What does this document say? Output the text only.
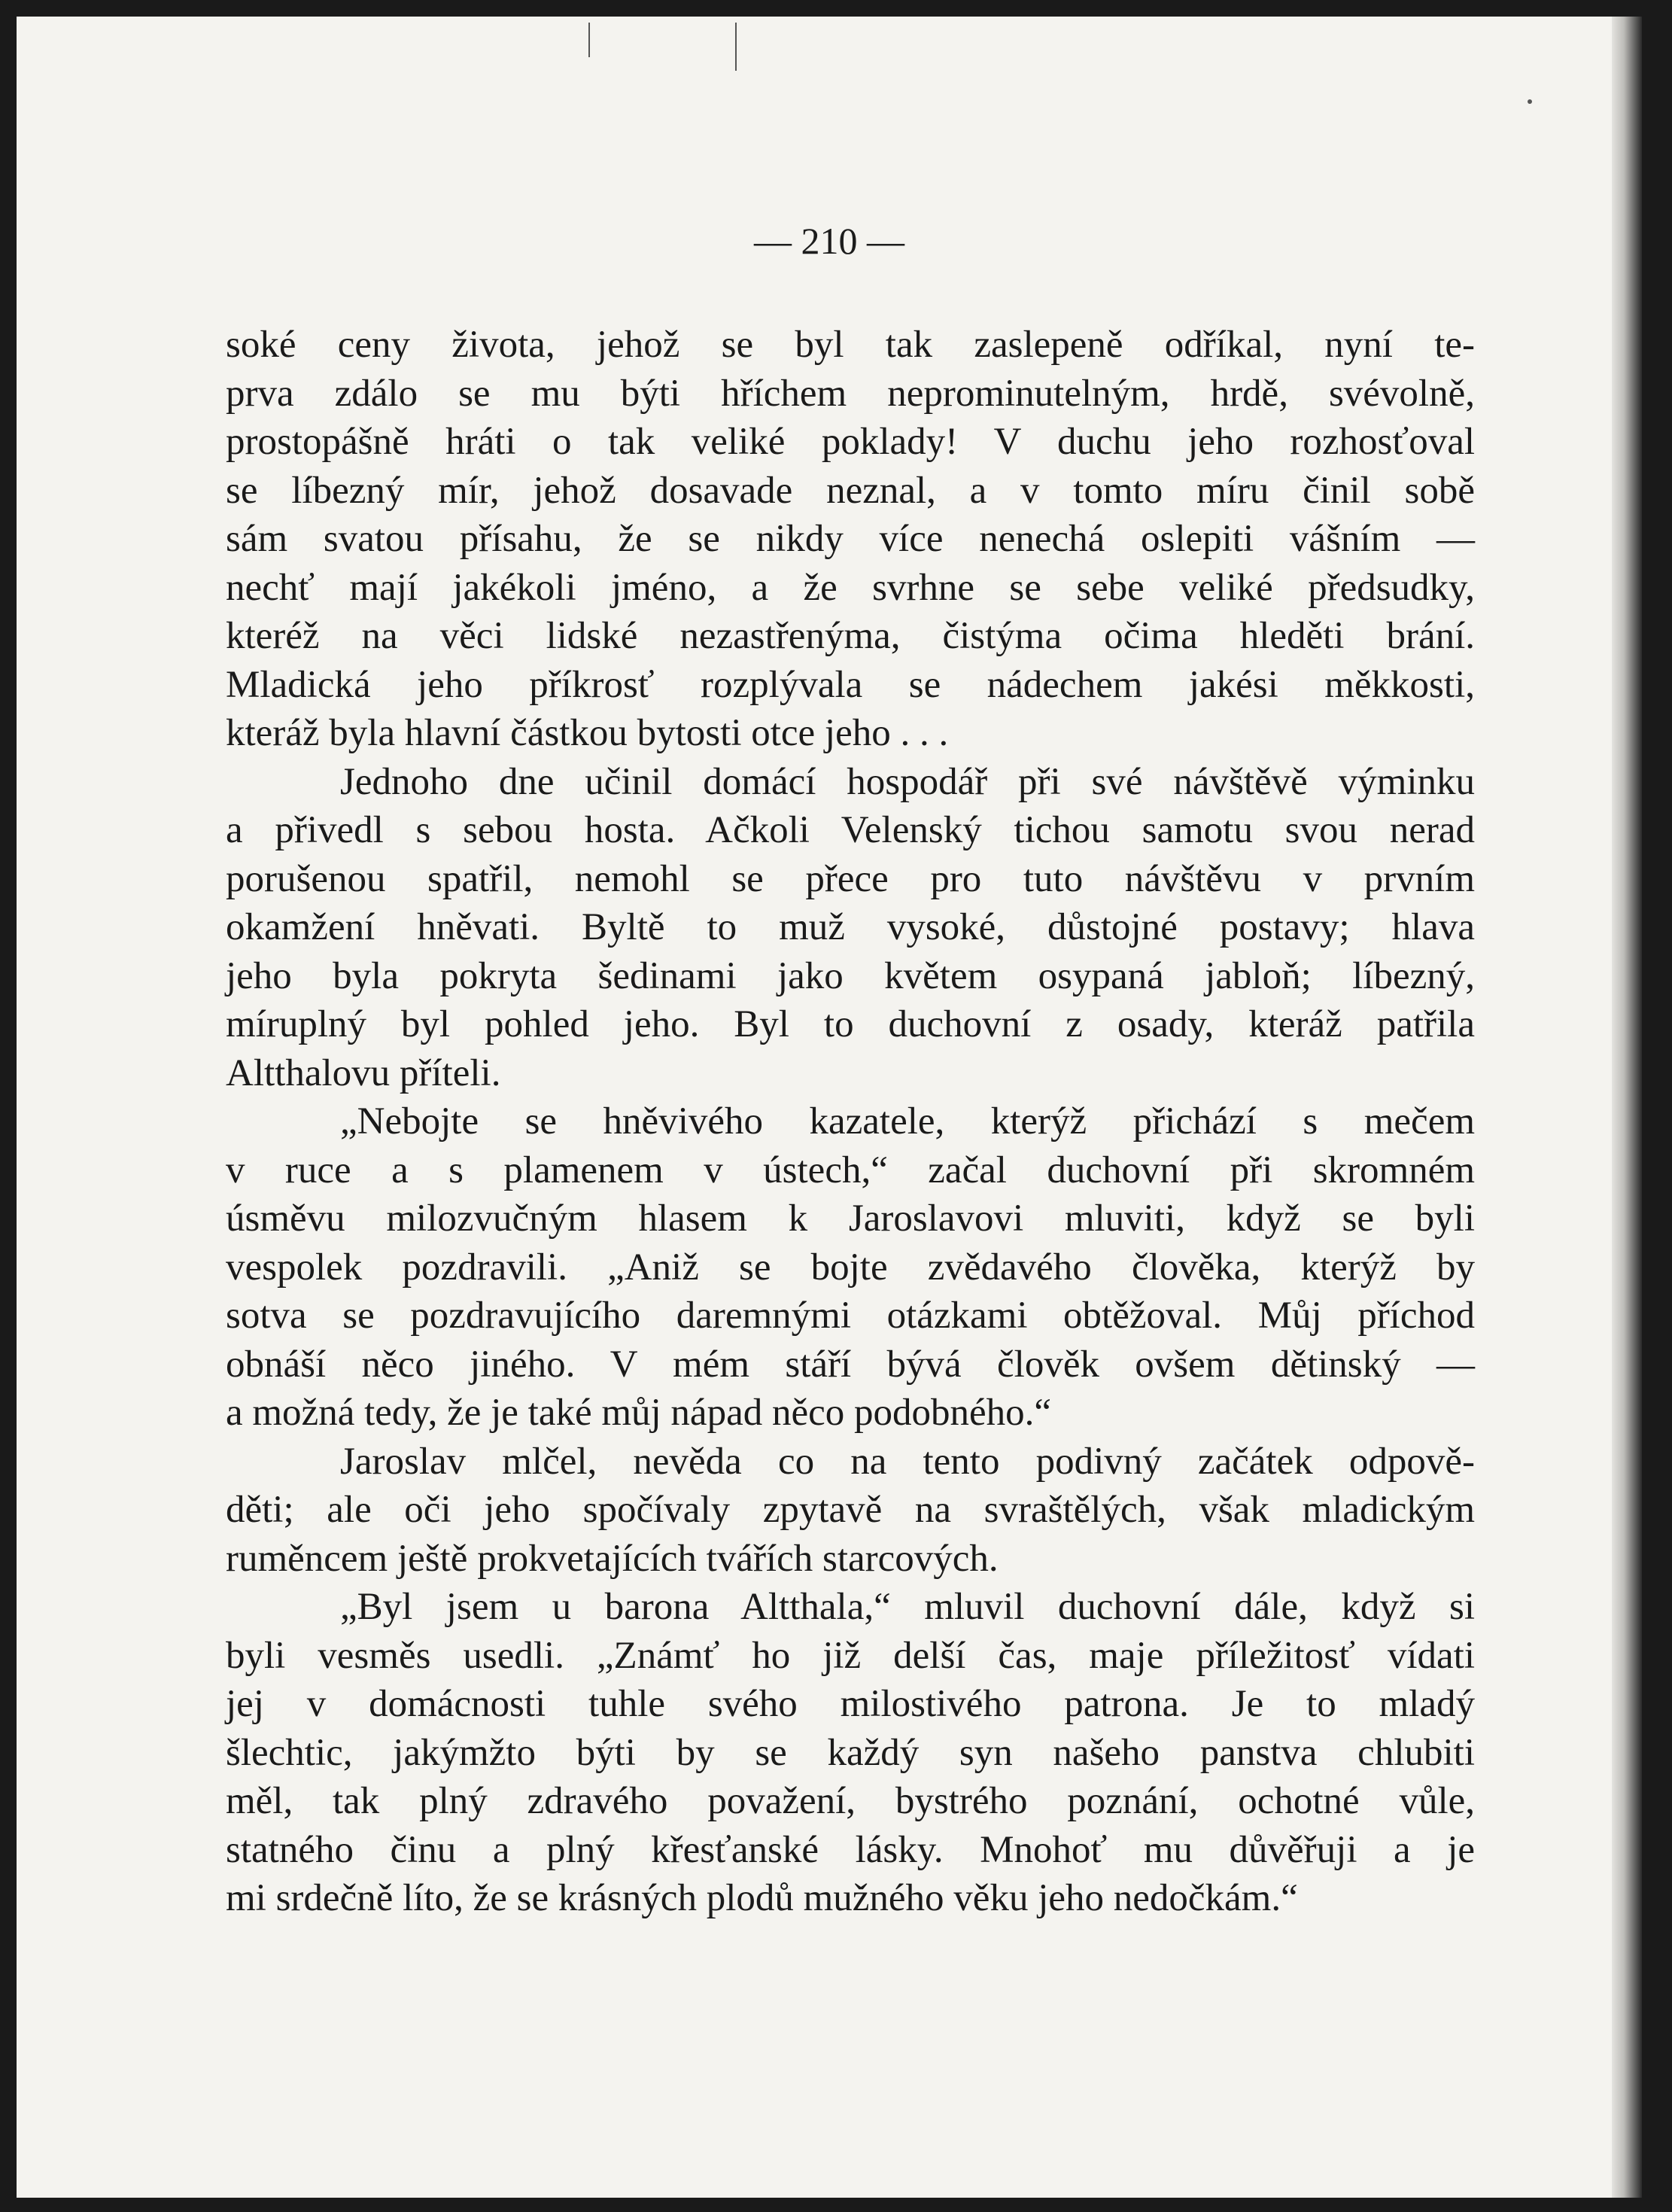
— 210 —

soké ceny života, jehož se byl tak zaslepeně odříkal, nyní te-
prva zdálo se mu býti hříchem neprominutelným, hrdě, svévolně,
prostopášně hráti o tak veliké poklady! V duchu jeho rozhosťoval
se líbezný mír, jehož dosavade neznal, a v tomto míru činil sobě
sám svatou přísahu, že se nikdy více nenechá oslepiti vášním —
nechť mají jakékoli jméno, a že svrhne se sebe veliké předsudky,
kteréž na věci lidské nezastřenýma, čistýma očima hleděti brání.
Mladická jeho příkrosť rozplývala se nádechem jakési měkkosti,
kteráž byla hlavní částkou bytosti otce jeho . . .
Jednoho dne učinil domácí hospodář při své návštěvě výminku
a přivedl s sebou hosta. Ačkoli Velenský tichou samotu svou nerad
porušenou spatřil, nemohl se přece pro tuto návštěvu v prvním
okamžení hněvati. Byltě to muž vysoké, důstojné postavy; hlava
jeho byla pokryta šedinami jako květem osypaná jabloň; líbezný,
míruplný byl pohled jeho. Byl to duchovní z osady, kteráž patřila
Altthalovu příteli.
„Nebojte se hněvivého kazatele, kterýž přichází s mečem
v ruce a s plamenem v ústech,“ začal duchovní při skromném
úsměvu milozvučným hlasem k Jaroslavovi mluviti, když se byli
vespolek pozdravili. „Aniž se bojte zvědavého člověka, kterýž by
sotva se pozdravujícího daremnými otázkami obtěžoval. Můj příchod
obnáší něco jiného. V mém stáří bývá člověk ovšem dětinský —
a možná tedy, že je také můj nápad něco podobného.“
Jaroslav mlčel, nevěda co na tento podivný začátek odpově-
děti; ale oči jeho spočívaly zpytavě na svraštělých, však mladickým
ruměncem ještě prokvetajících tvářích starcových.
„Byl jsem u barona Altthala,“ mluvil duchovní dále, když si
byli vesměs usedli. „Známť ho již delší čas, maje příležitosť vídati
jej v domácnosti tuhle svého milostivého patrona. Je to mladý
šlechtic, jakýmžto býti by se každý syn našeho panstva chlubiti
měl, tak plný zdravého považení, bystrého poznání, ochotné vůle,
statného činu a plný křesťanské lásky. Mnohoť mu důvěřuji a je
mi srdečně líto, že se krásných plodů mužného věku jeho nedočkám.“
